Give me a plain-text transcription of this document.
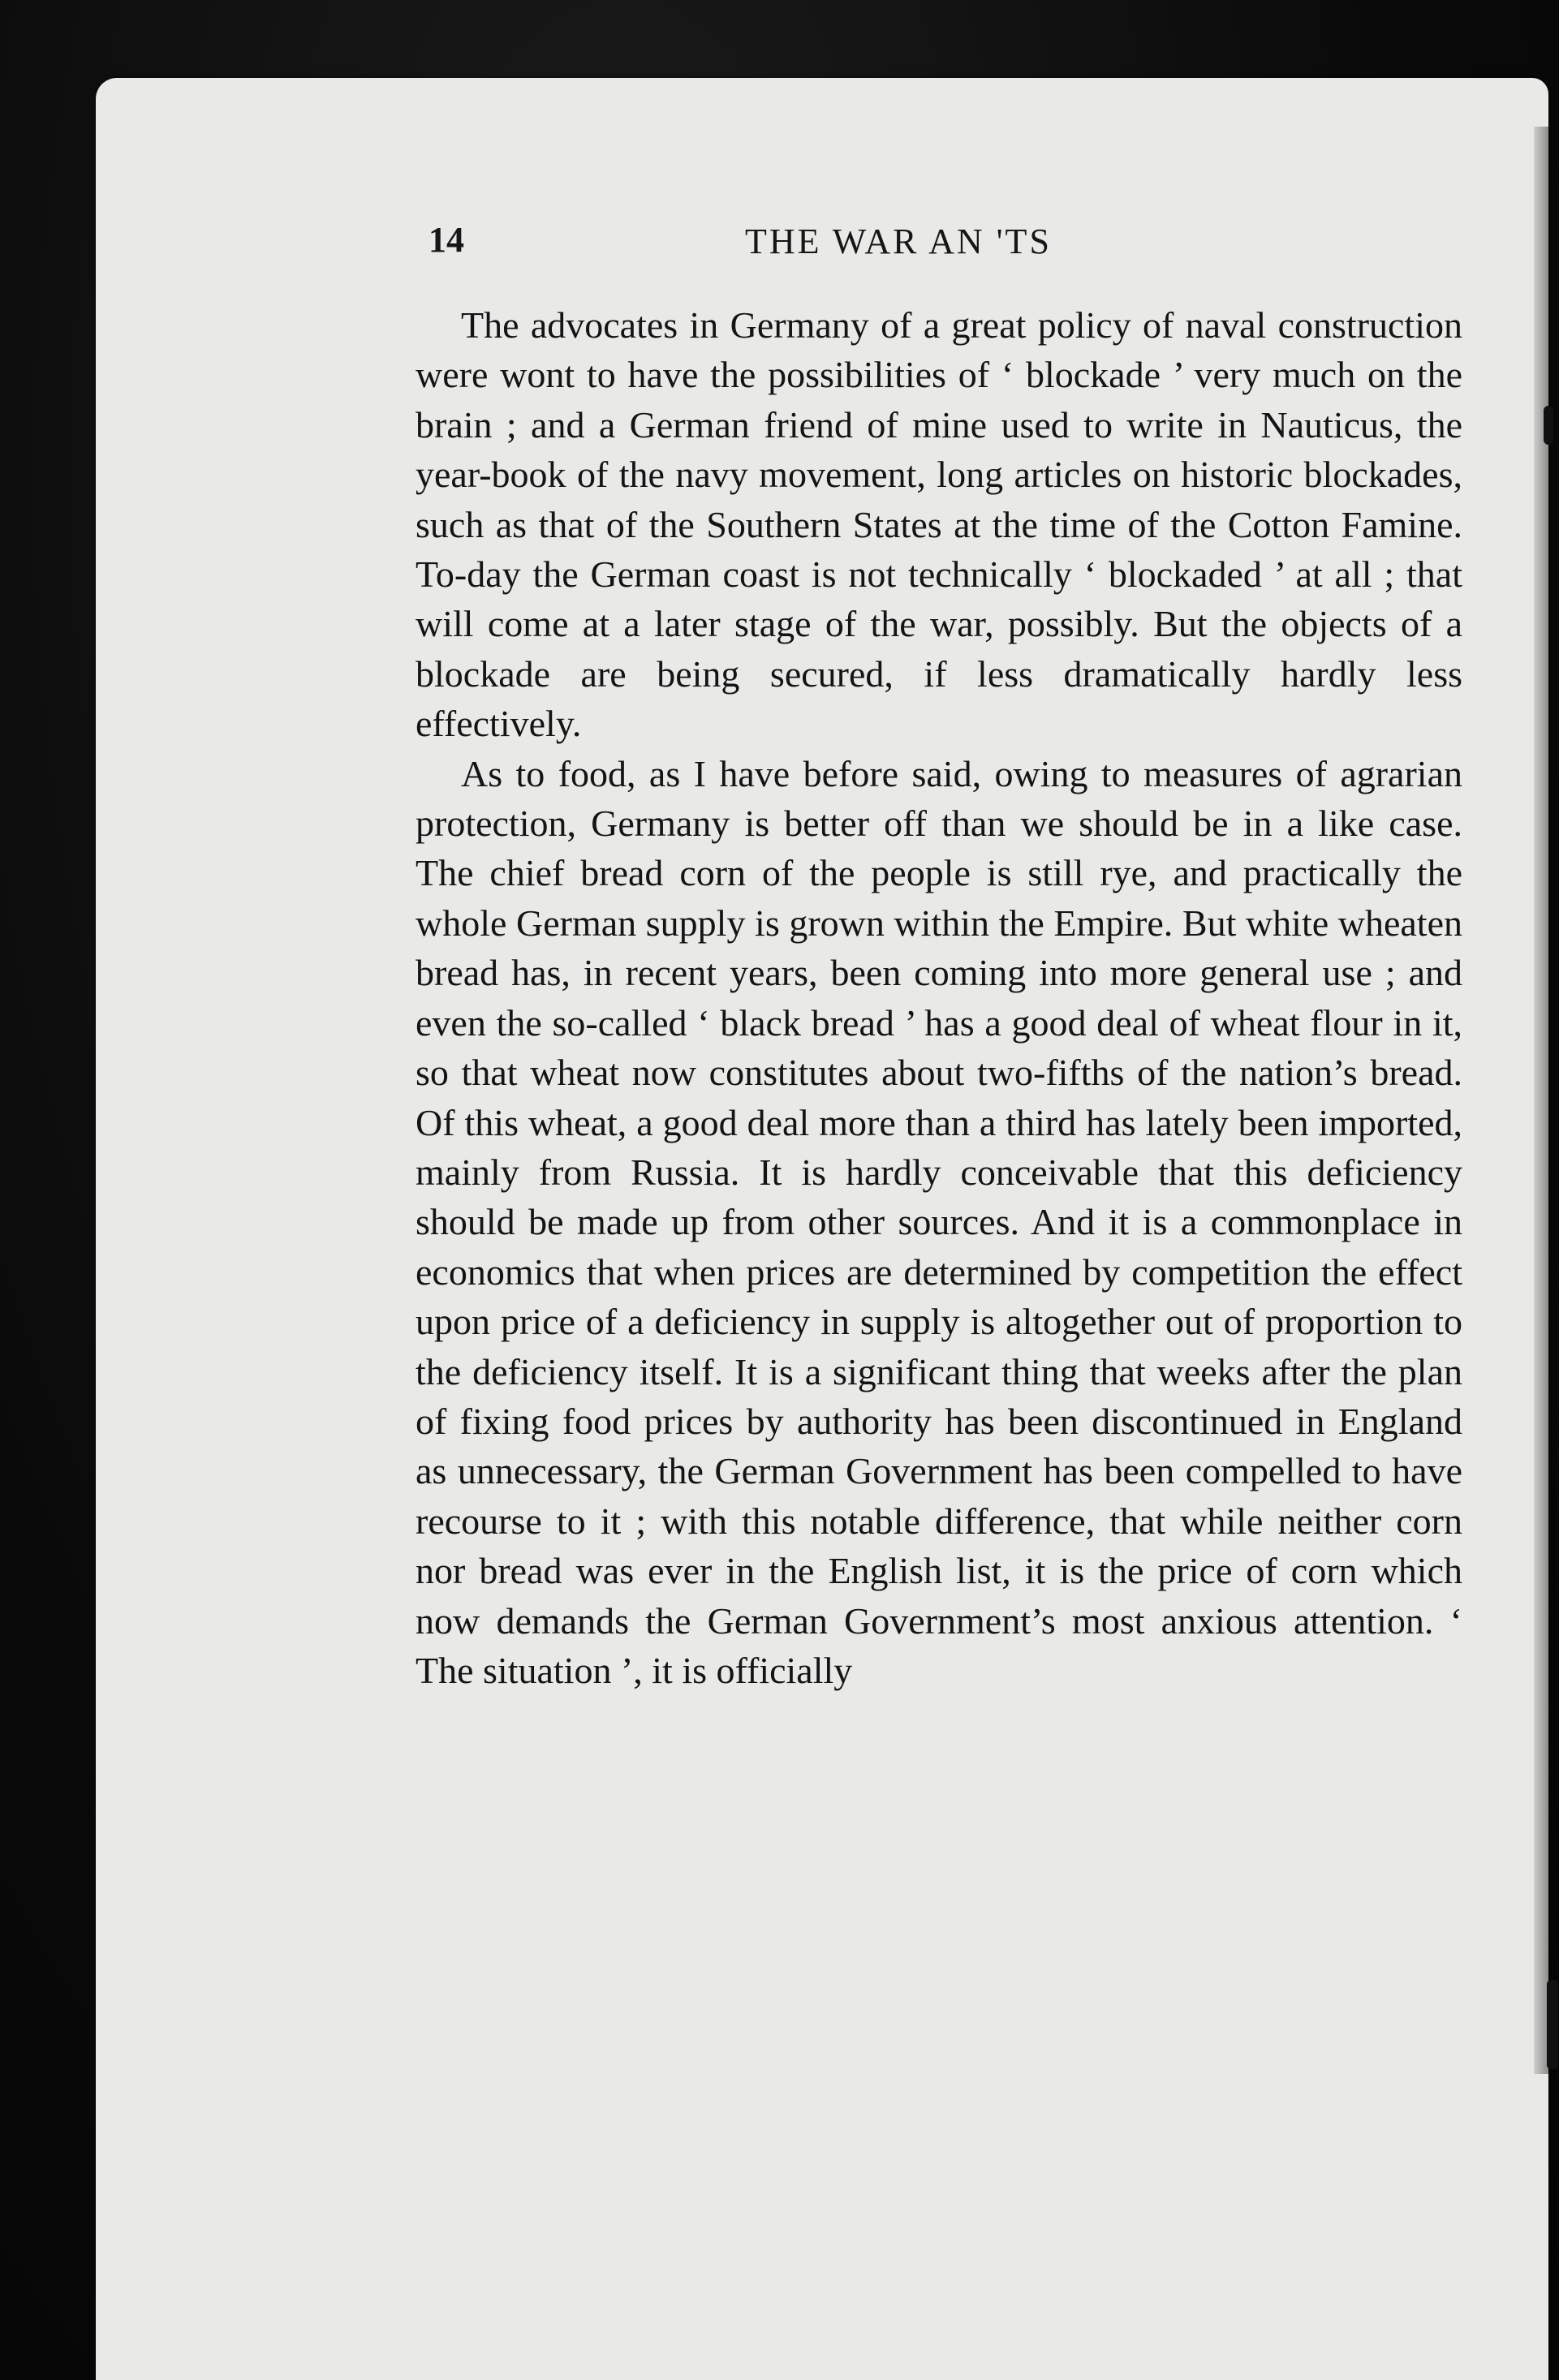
14	THE WAR AN 'TS

The advocates in Germany of a great policy of naval construction were wont to have the possibilities of ‘ blockade ’ very much on the brain ; and a German friend of mine used to write in Nauticus, the year-book of the navy movement, long articles on historic blockades, such as that of the Southern States at the time of the Cotton Famine. To-day the German coast is not technically ‘ blockaded ’ at all ; that will come at a later stage of the war, possibly. But the objects of a blockade are being secured, if less dramatically hardly less effectively.

As to food, as I have before said, owing to measures of agrarian protection, Germany is better off than we should be in a like case. The chief bread corn of the people is still rye, and practically the whole German supply is grown within the Empire. But white wheaten bread has, in recent years, been coming into more general use ; and even the so-called ‘ black bread ’ has a good deal of wheat flour in it, so that wheat now constitutes about two-fifths of the nation’s bread. Of this wheat, a good deal more than a third has lately been imported, mainly from Russia. It is hardly conceivable that this deficiency should be made up from other sources. And it is a commonplace in economics that when prices are determined by competition the effect upon price of a deficiency in supply is altogether out of proportion to the deficiency itself. It is a significant thing that weeks after the plan of fixing food prices by authority has been discontinued in England as unnecessary, the German Government has been compelled to have recourse to it ; with this notable difference, that while neither corn nor bread was ever in the English list, it is the price of corn which now demands the German Government’s most anxious attention. ‘ The situation ’, it is officially
